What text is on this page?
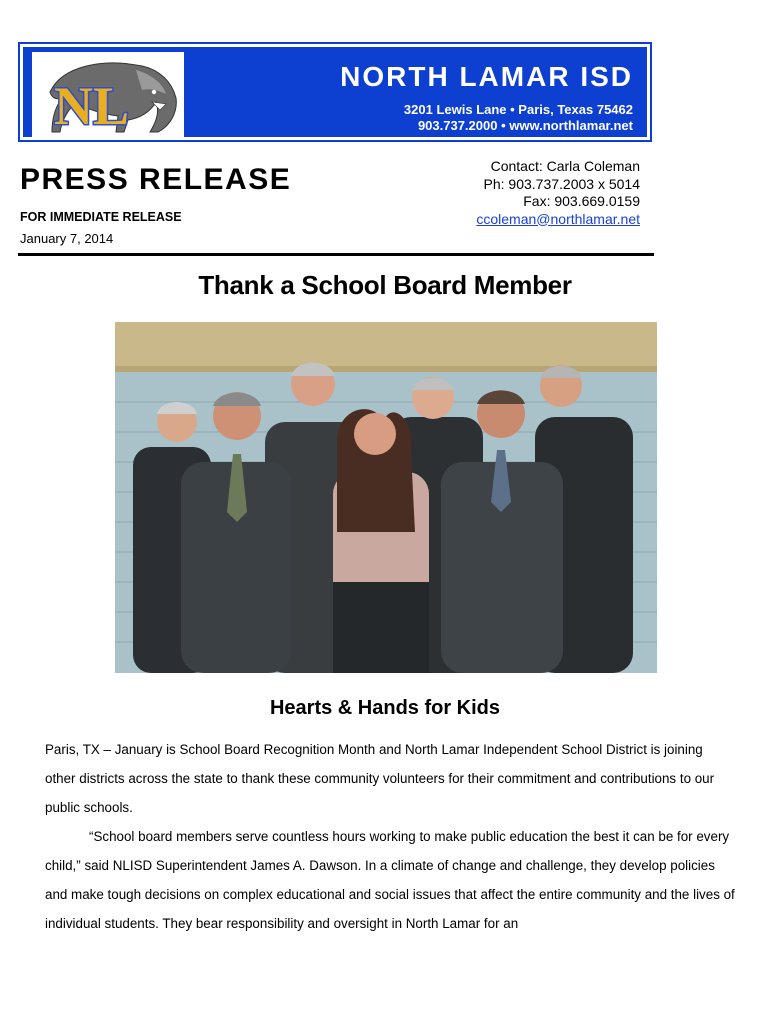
NL	NORTH LAMAR ISD
3201 Lewis Lane • Paris, Texas 75462
903.737.2000 • www.northlamar.net
PRESS RELEASE
FOR IMMEDIATE RELEASE
January 7, 2014
Contact: Carla Coleman
Ph: 903.737.2003 x 5014
Fax: 903.669.0159
ccoleman@northlamar.net
Thank a School Board Member
Hearts & Hands for Kids

Paris, TX – January is School Board Recognition Month and North Lamar Independent School District is joining other districts across the state to thank these community volunteers for their commitment and contributions to our public schools.

“School board members serve countless hours working to make public education the best it can be for every child,” said NLISD Superintendent James A. Dawson. In a climate of change and challenge, they develop policies and make tough decisions on complex educational and social issues that affect the entire community and the lives of individual students. They bear responsibility and oversight in North Lamar for an
